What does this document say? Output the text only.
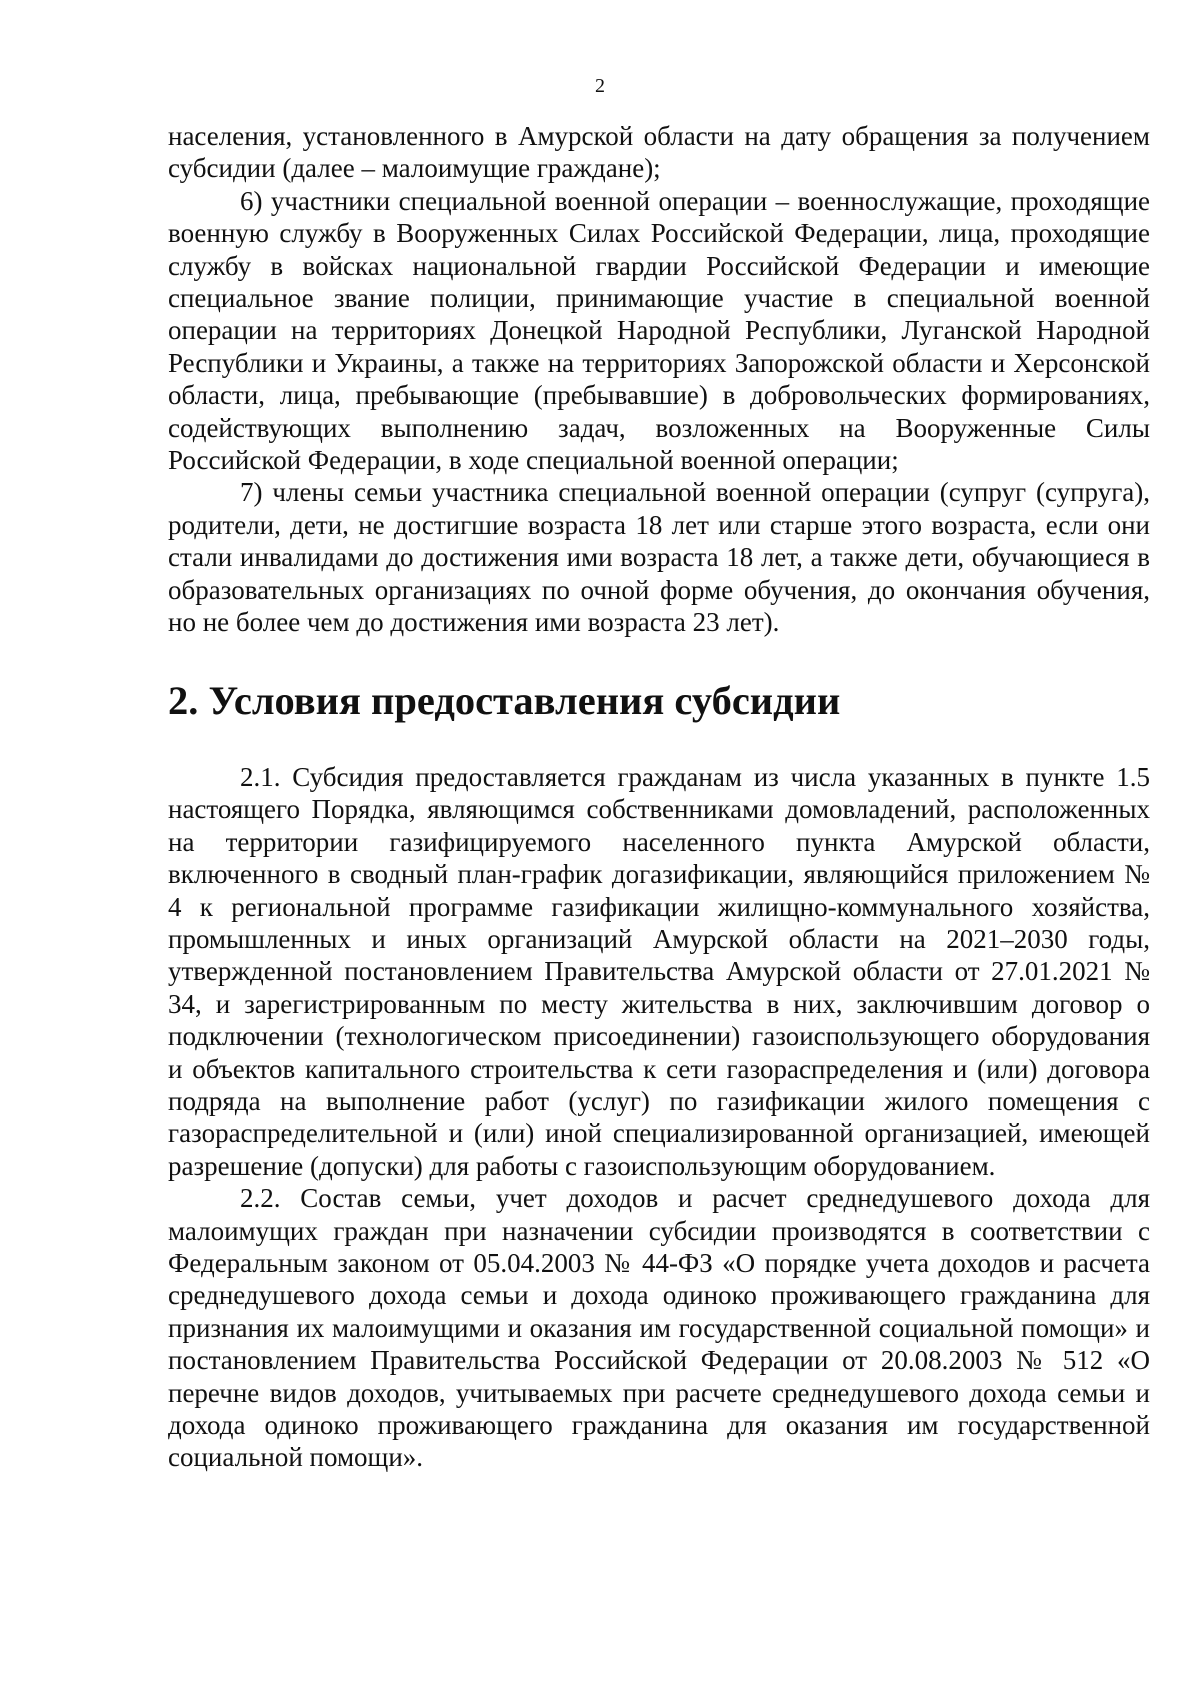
2

населения, установленного в Амурской области на дату обращения за получением субсидии (далее – малоимущие граждане);

6) участники специальной военной операции – военнослужащие, проходящие военную службу в Вооруженных Силах Российской Федерации, лица, проходящие службу в войсках национальной гвардии Российской Федерации и имеющие специальное звание полиции, принимающие участие в специальной военной операции на территориях Донецкой Народной Республики, Луганской Народной Республики и Украины, а также на территориях Запорожской области и Херсонской области, лица, пребывающие (пребывавшие) в добровольческих формированиях, содействующих выполнению задач, возложенных на Вооруженные Силы Российской Федерации, в ходе специальной военной операции;

7) члены семьи участника специальной военной операции (супруг (супруга), родители, дети, не достигшие возраста 18 лет или старше этого возраста, если они стали инвалидами до достижения ими возраста 18 лет, а также дети, обучающиеся в образовательных организациях по очной форме обучения, до окончания обучения, но не более чем до достижения ими возраста 23 лет).

2. Условия предоставления субсидии

2.1. Субсидия предоставляется гражданам из числа указанных в пункте 1.5 настоящего Порядка, являющимся собственниками домовладений, расположенных на территории газифицируемого населенного пункта Амурской области, включенного в сводный план-график догазификации, являющийся приложением № 4 к региональной программе газификации жилищно-коммунального хозяйства, промышленных и иных организаций Амурской области на 2021–2030 годы, утвержденной постановлением Правительства Амурской области от 27.01.2021 № 34, и зарегистрированным по месту жительства в них, заключившим договор о подключении (технологическом присоединении) газоиспользующего оборудования и объектов капитального строительства к сети газораспределения и (или) договора подряда на выполнение работ (услуг) по газификации жилого помещения с газораспределительной и (или) иной специализированной организацией, имеющей разрешение (допуски) для работы с газоиспользующим оборудованием.

2.2. Состав семьи, учет доходов и расчет среднедушевого дохода для малоимущих граждан при назначении субсидии производятся в соответствии с Федеральным законом от 05.04.2003 № 44-ФЗ «О порядке учета доходов и расчета среднедушевого дохода семьи и дохода одиноко проживающего гражданина для признания их малоимущими и оказания им государственной социальной помощи» и постановлением Правительства Российской Федерации от 20.08.2003 № 512 «О перечне видов доходов, учитываемых при расчете среднедушевого дохода семьи и дохода одиноко проживающего гражданина для оказания им государственной социальной помощи».
